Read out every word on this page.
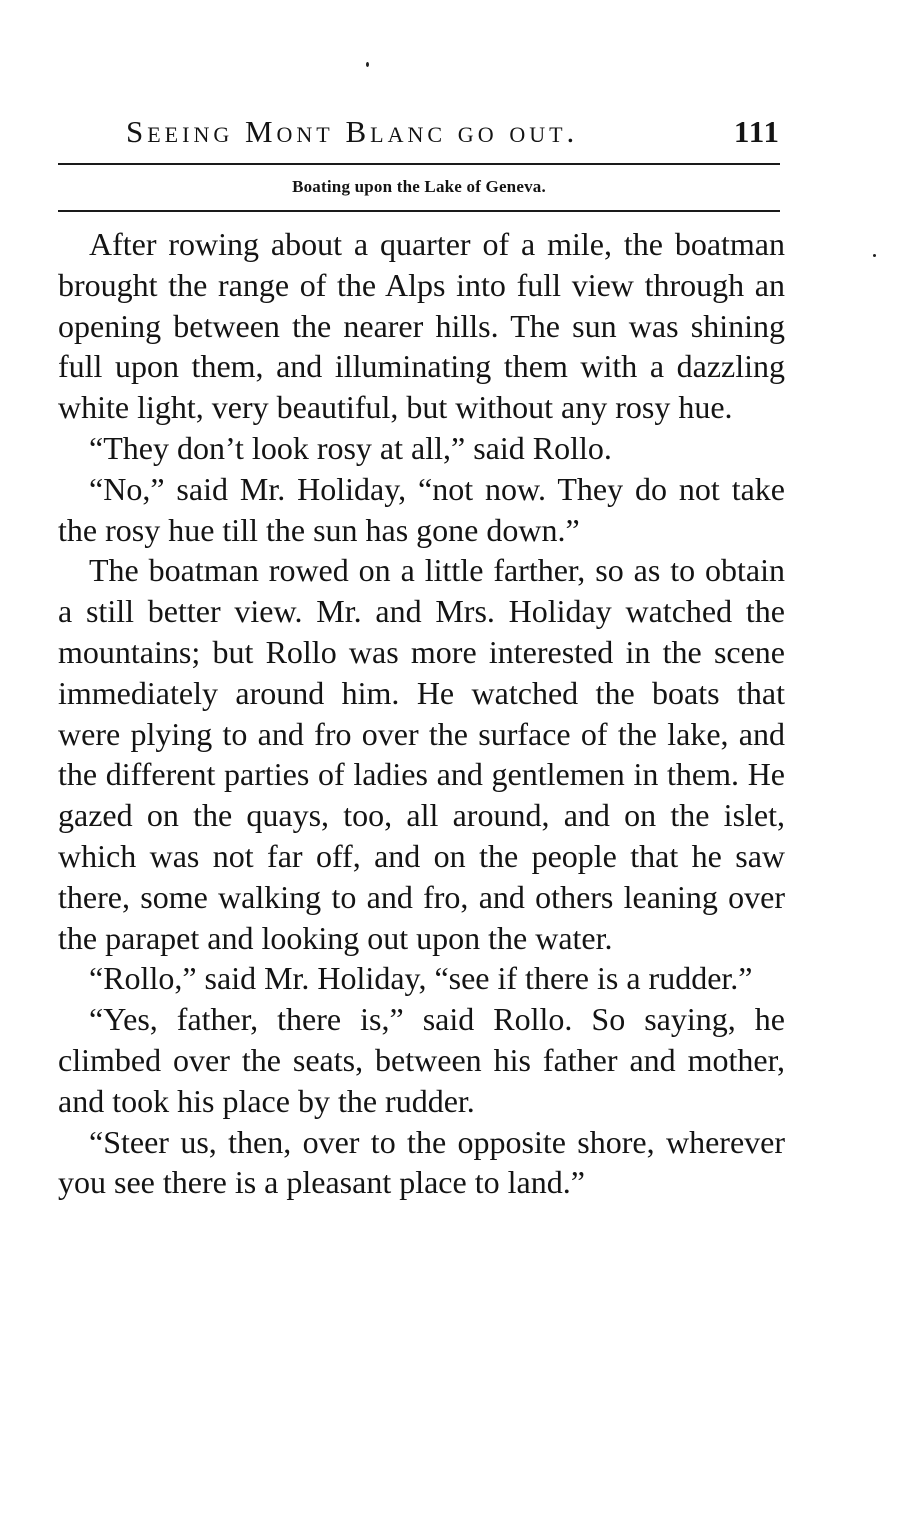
Seeing Mont Blanc go out.	111
Boating upon the Lake of Geneva.

After rowing about a quarter of a mile, the boatman brought the range of the Alps into full view through an opening between the nearer hills. The sun was shining full upon them, and illuminating them with a dazzling white light, very beautiful, but without any rosy hue.

“They don’t look rosy at all,” said Rollo.

“No,” said Mr. Holiday, “not now. They do not take the rosy hue till the sun has gone down.”

The boatman rowed on a little farther, so as to obtain a still better view. Mr. and Mrs. Holiday watched the mountains; but Rollo was more interested in the scene immediately around him. He watched the boats that were plying to and fro over the surface of the lake, and the different parties of ladies and gentlemen in them. He gazed on the quays, too, all around, and on the islet, which was not far off, and on the people that he saw there, some walking to and fro, and others leaning over the parapet and looking out upon the water.

“Rollo,” said Mr. Holiday, “see if there is a rudder.”

“Yes, father, there is,” said Rollo. So saying, he climbed over the seats, between his father and mother, and took his place by the rudder.

“Steer us, then, over to the opposite shore, wherever you see there is a pleasant place to land.”
